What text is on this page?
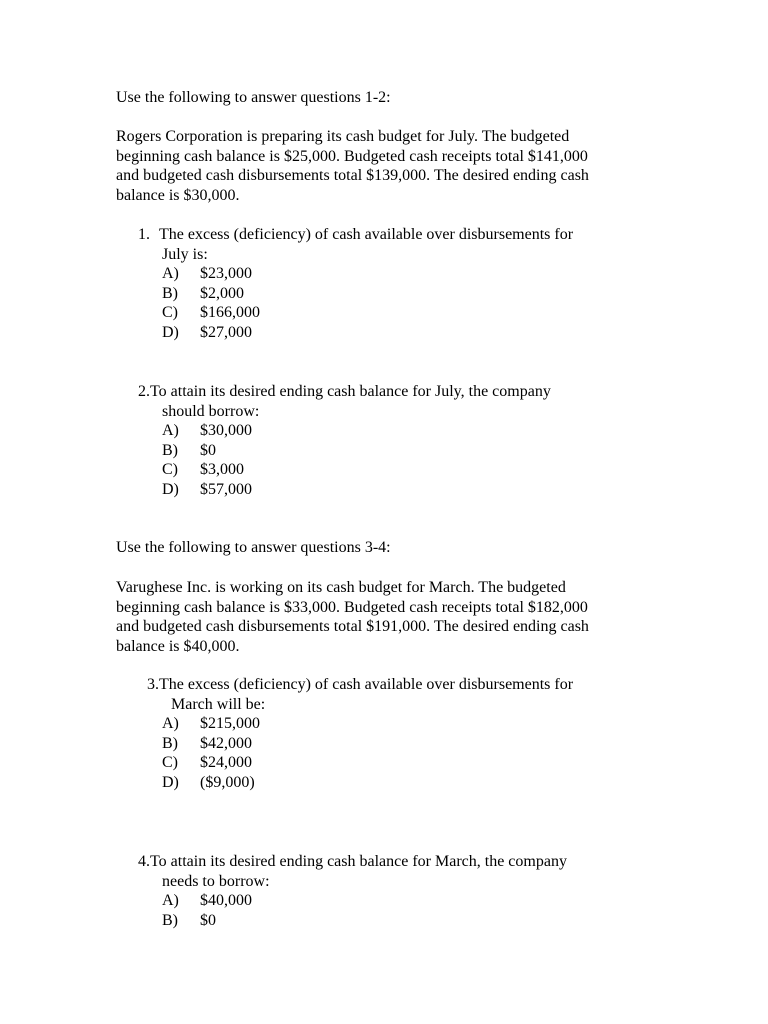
Use the following to answer questions 1-2:

Rogers Corporation is preparing its cash budget for July. The budgeted
beginning cash balance is $25,000. Budgeted cash receipts total $141,000
and budgeted cash disbursements total $139,000. The desired ending cash
balance is $30,000.
1. The excess (deficiency) of cash available over disbursements for
July is:
A) $23,000
B) $2,000
C) $166,000
D) $27,000
2.To attain its desired ending cash balance for July, the company
should borrow:
A) $30,000
B) $0
C) $3,000
D) $57,000

Use the following to answer questions 3-4:

Varughese Inc. is working on its cash budget for March. The budgeted
beginning cash balance is $33,000. Budgeted cash receipts total $182,000
and budgeted cash disbursements total $191,000. The desired ending cash
balance is $40,000.
3.The excess (deficiency) of cash available over disbursements for
March will be:
A) $215,000
B) $42,000
C) $24,000
D) ($9,000)
4.To attain its desired ending cash balance for March, the company
needs to borrow:
A) $40,000
B) $0
